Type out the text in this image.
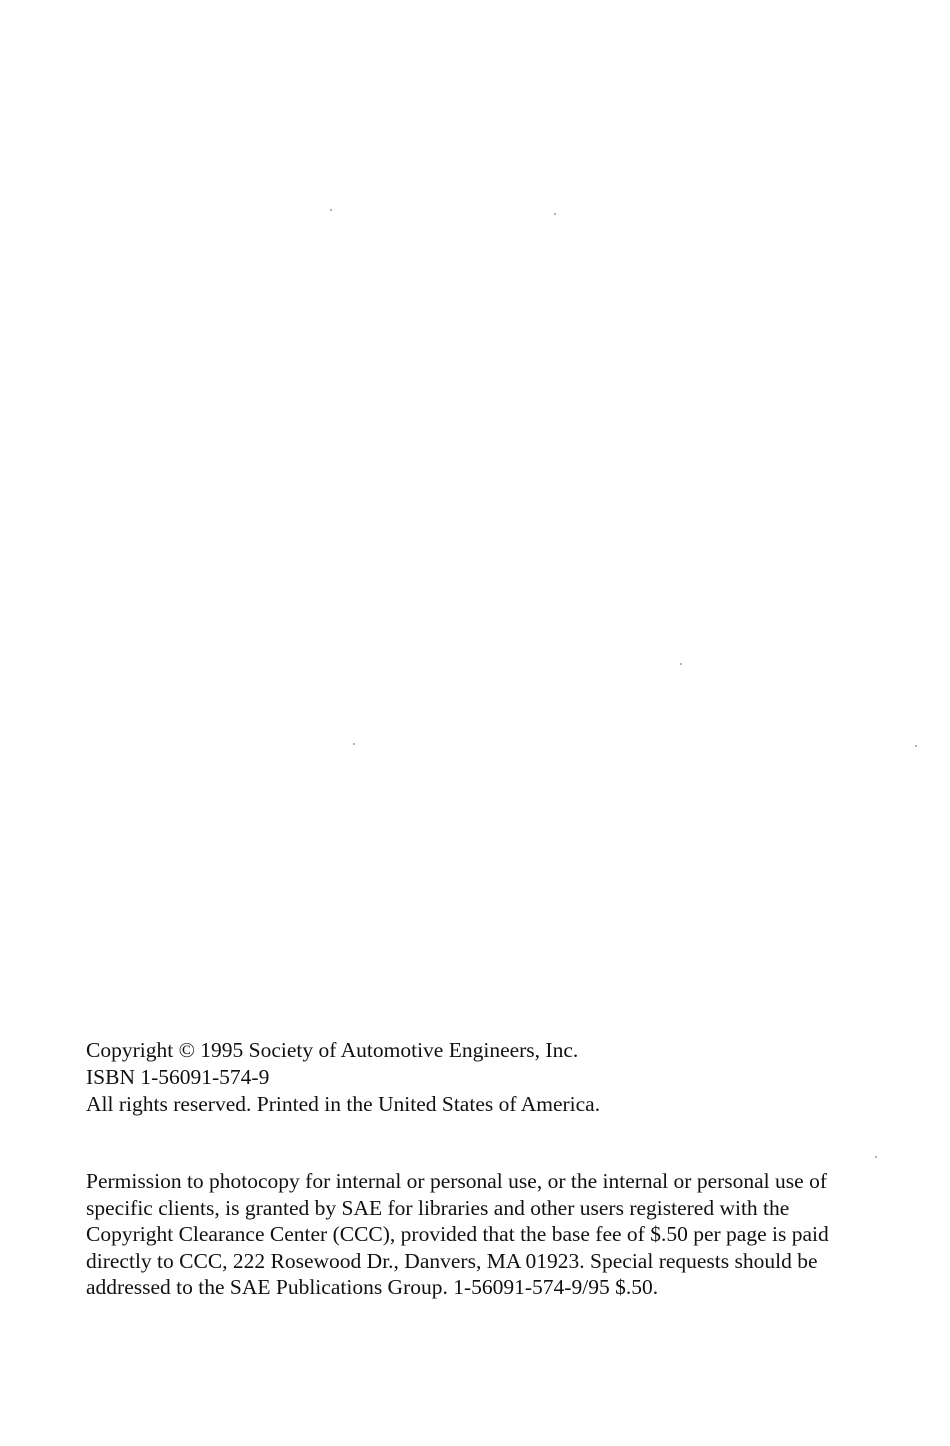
Copyright © 1995 Society of Automotive Engineers, Inc.
ISBN 1-56091-574-9
All rights reserved. Printed in the United States of America.
Permission to photocopy for internal or personal use, or the internal or personal use of
specific clients, is granted by SAE for libraries and other users registered with the
Copyright Clearance Center (CCC), provided that the base fee of $.50 per page is paid
directly to CCC, 222 Rosewood Dr., Danvers, MA 01923. Special requests should be
addressed to the SAE Publications Group. 1-56091-574-9/95 $.50.
